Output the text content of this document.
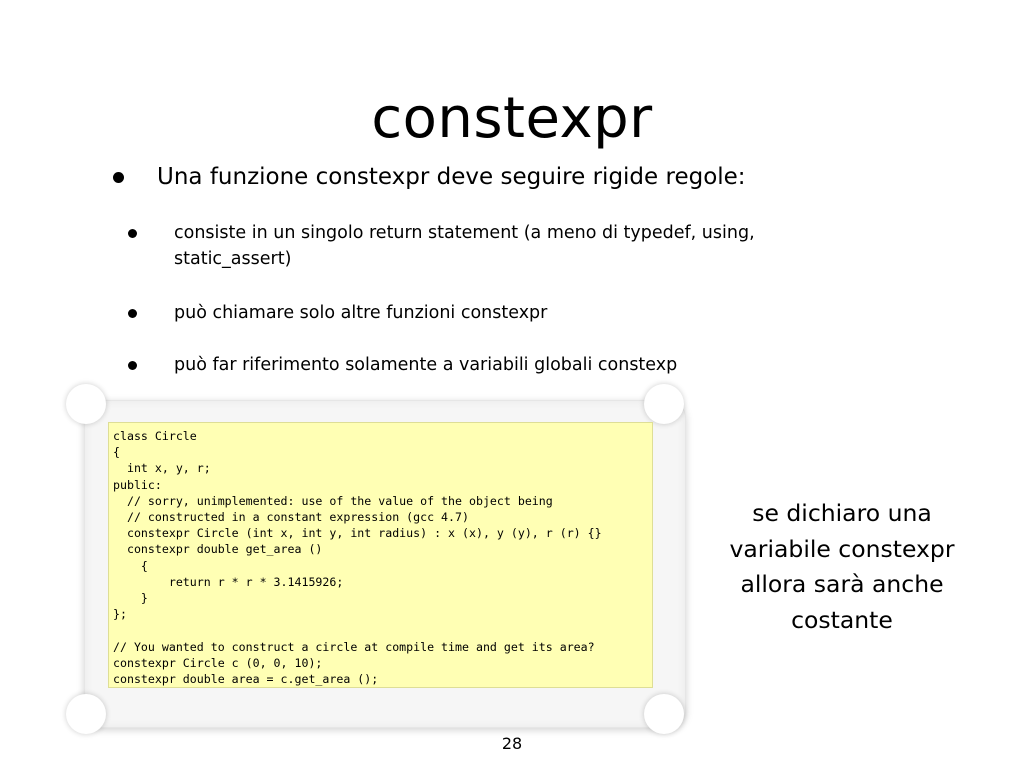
constexpr
Una funzione constexpr deve seguire rigide regole:
consiste in un singolo return statement (a meno di typedef, using,
static_assert)
può chiamare solo altre funzioni constexpr
può far riferimento solamente a variabili globali constexp
class Circle
{
int x, y, r;
public:
// sorry, unimplemented: use of the value of the object being
// constructed in a constant expression (gcc 4.7)
constexpr Circle (int x, int y, int radius) : x (x), y (y), r (r) {}
constexpr double get_area ()
{
return r * r * 3.1415926;
}
};
// You wanted to construct a circle at compile time and get its area?
constexpr Circle c (0, 0, 10);
constexpr double area = c.get_area ();
se dichiaro una
variabile constexpr
allora sarà anche
costante
28
